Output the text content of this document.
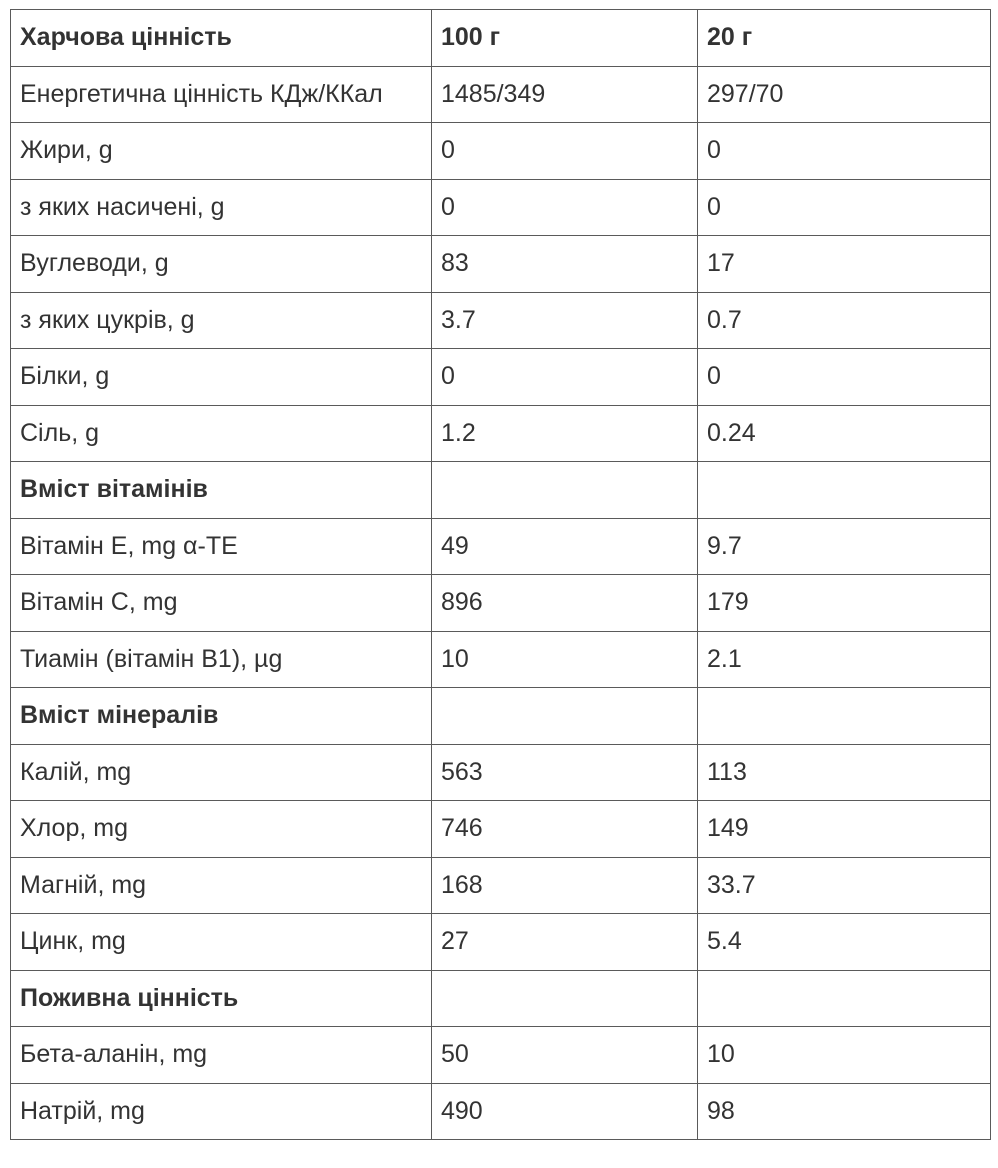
Харчова цінність	100 г	20 г
Енергетична цінність КДж/ККал	1485/349	297/70
Жири, g	0	0
з яких насичені, g	0	0
Вуглеводи, g	83	17
з яких цукрів, g	3.7	0.7
Білки, g	0	0
Сіль, g	1.2	0.24
Вміст вітамінів		
Вітамін Е, mg α-TE	49	9.7
Вітамін С, mg	896	179
Тиамін (вітамін В1), µg	10	2.1
Вміст мінералів		
Калій, mg	563	113
Хлор, mg	746	149
Магній, mg	168	33.7
Цинк, mg	27	5.4
Поживна цінність		
Бета-аланін, mg	50	10
Натрій, mg	490	98
